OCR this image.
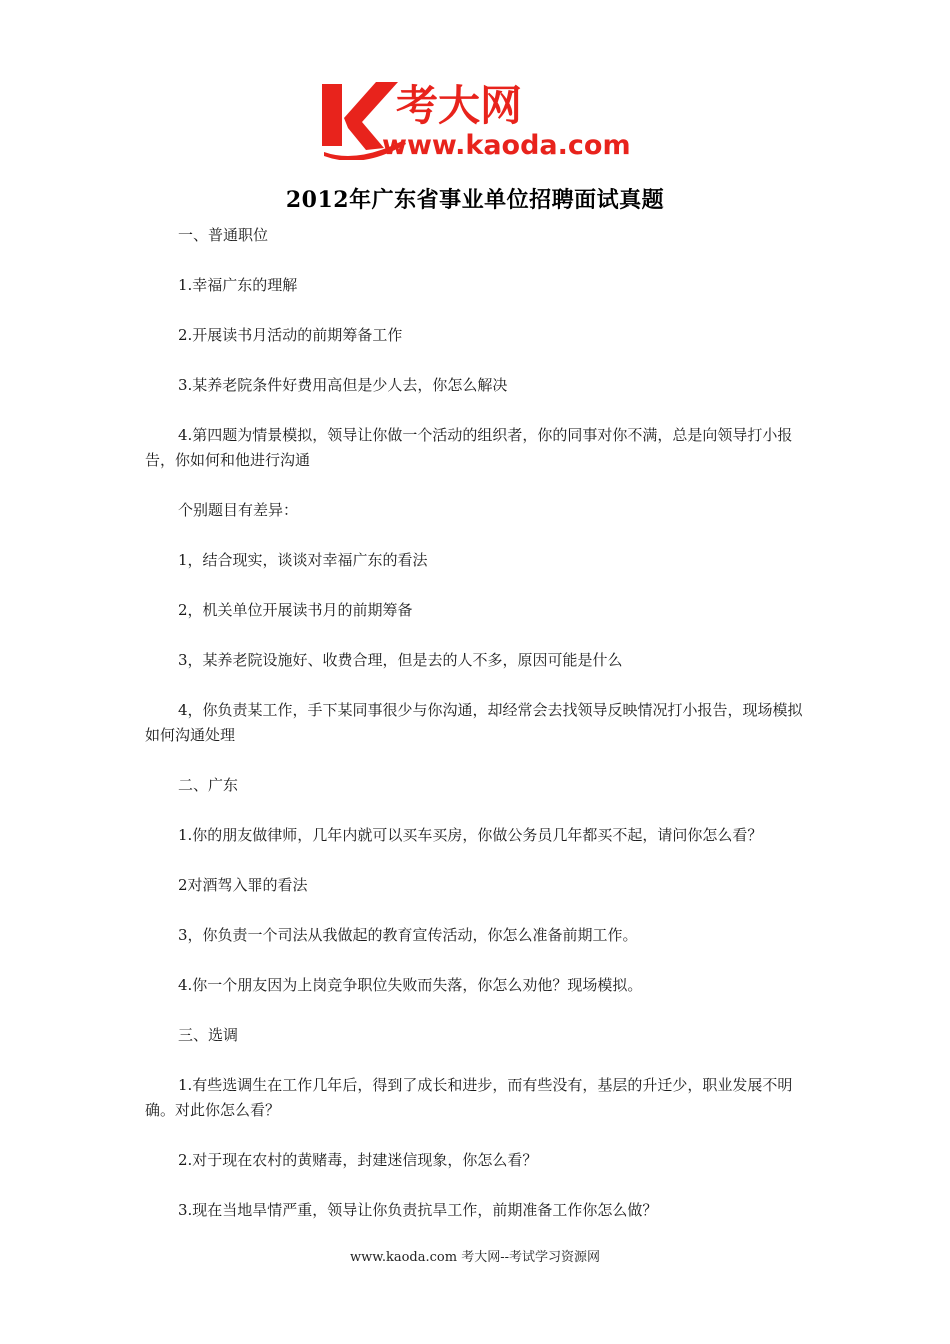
考大网
www.kaoda.com
2012年广东省事业单位招聘面试真题

一、普通职位

1.幸福广东的理解

2.开展读书月活动的前期筹备工作

3.某养老院条件好费用高但是少人去，你怎么解决

4.第四题为情景模拟，领导让你做一个活动的组织者，你的同事对你不满，总是向领导打小报告，你如何和他进行沟通

个别题目有差异：

1，结合现实，谈谈对幸福广东的看法

2，机关单位开展读书月的前期筹备

3，某养老院设施好、收费合理，但是去的人不多，原因可能是什么

4，你负责某工作，手下某同事很少与你沟通，却经常会去找领导反映情况打小报告，现场模拟如何沟通处理

二、广东

1.你的朋友做律师，几年内就可以买车买房，你做公务员几年都买不起，请问你怎么看？

2对酒驾入罪的看法

3，你负责一个司法从我做起的教育宣传活动，你怎么准备前期工作。

4.你一个朋友因为上岗竞争职位失败而失落，你怎么劝他？现场模拟。

三、选调

1.有些选调生在工作几年后，得到了成长和进步，而有些没有，基层的升迁少，职业发展不明确。对此你怎么看？

2.对于现在农村的黄赌毒，封建迷信现象，你怎么看？

3.现在当地旱情严重，领导让你负责抗旱工作，前期准备工作你怎么做？

www.kaoda.com 考大网--考试学习资源网
